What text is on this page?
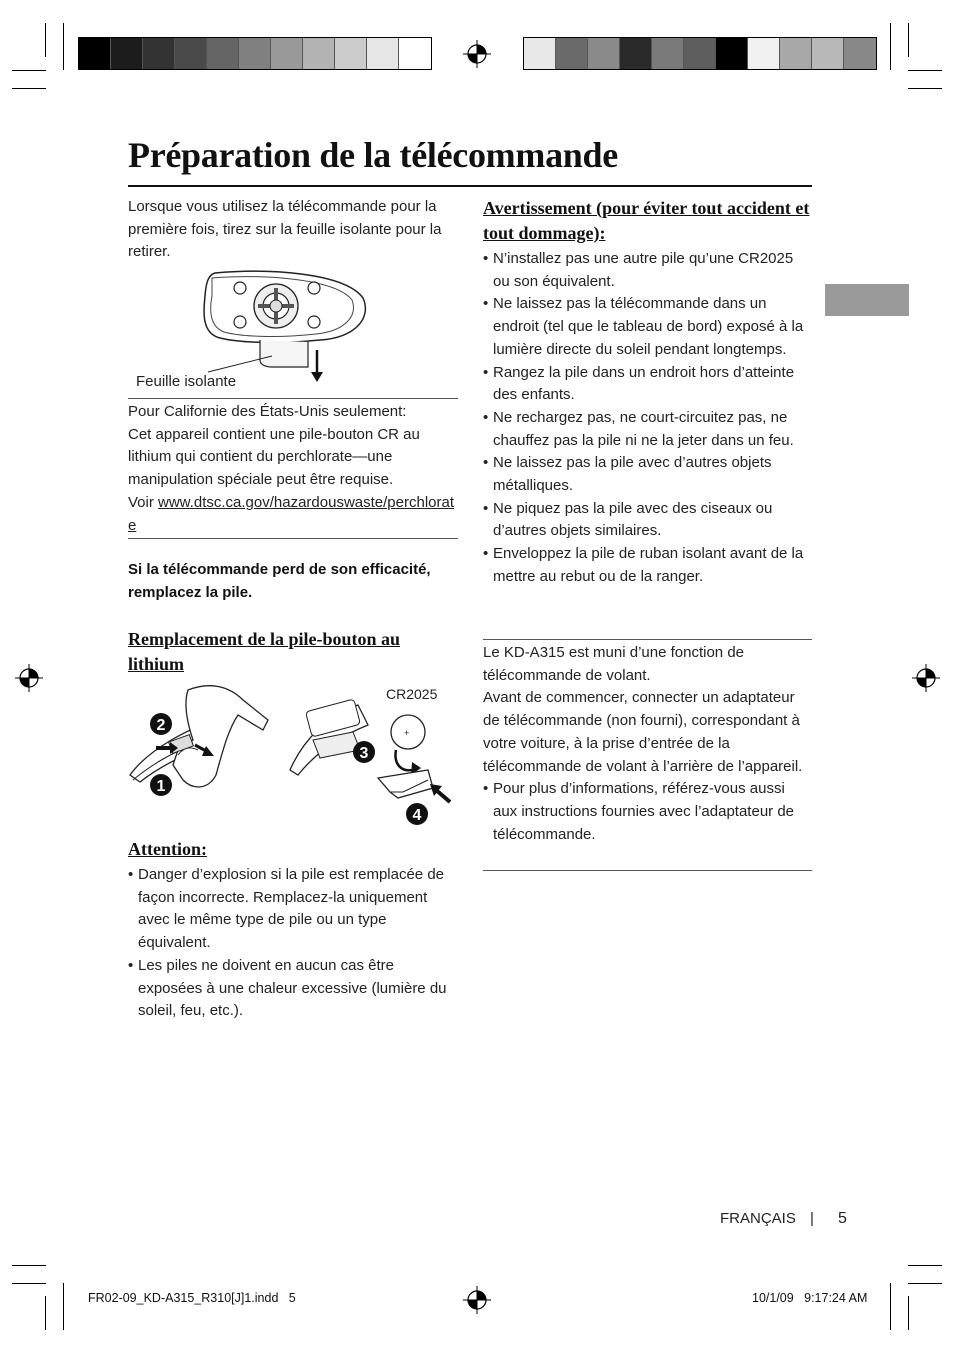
Préparation de la télécommande
Lorsque vous utilisez la télécommande pour la première fois, tirez sur la feuille isolante pour la retirer.
Feuille isolante
Pour Californie des États-Unis seulement:
Cet appareil contient une pile-bouton CR au lithium qui contient du perchlorate—une manipulation spéciale peut être requise.
Voir www.dtsc.ca.gov/hazardouswaste/perchlorate
Si la télécommande perd de son efficacité, remplacez la pile.
Remplacement de la pile-bouton au lithium
2
1
+
3
4
CR2025
Attention:
• Danger d’explosion si la pile est remplacée de façon incorrecte. Remplacez-la uniquement avec le même type de pile ou un type équivalent.
• Les piles ne doivent en aucun cas être exposées à une chaleur excessive (lumière du soleil, feu, etc.).
Avertissement (pour éviter tout accident et tout dommage):
• N’installez pas une autre pile qu’une CR2025 ou son équivalent.
• Ne laissez pas la télécommande dans un endroit (tel que le tableau de bord) exposé à la lumière directe du soleil pendant longtemps.
• Rangez la pile dans un endroit hors d’atteinte des enfants.
• Ne rechargez pas, ne court-circuitez pas, ne chauffez pas la pile ni ne la jeter dans un feu.
• Ne laissez pas la pile avec d’autres objets métalliques.
• Ne piquez pas la pile avec des ciseaux ou d’autres objets similaires.
• Enveloppez la pile de ruban isolant avant de la mettre au rebut ou de la ranger.
Le KD-A315 est muni d’une fonction de télécommande de volant.
Avant de commencer, connecter un adaptateur de télécommande (non fourni), correspondant à votre voiture, à la prise d’entrée de la télécommande de volant à l’arrière de l’appareil.
• Pour plus d’informations, référez-vous aussi aux instructions fournies avec l’adaptateur de télécommande.
FRANÇAIS | 5
FR02-09_KD-A315_R310[J]1.indd   5	10/1/09   9:17:24 AM
